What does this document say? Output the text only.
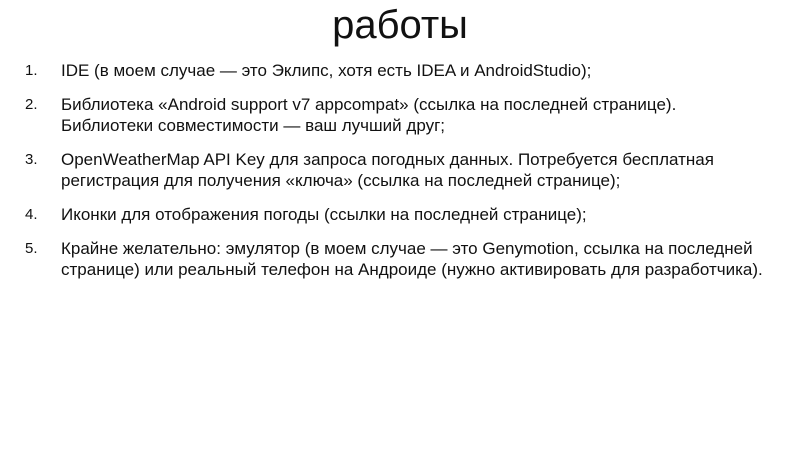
работы
1. IDE (в моем случае — это Эклипс, хотя есть IDEA и AndroidStudio);
2. Библиотека «Android support v7 appcompat» (ссылка на последней странице). Библиотеки совместимости — ваш лучший друг;
3. OpenWeatherMap API Key для запроса погодных данных. Потребуется бесплатная регистрация для получения «ключа» (ссылка на последней странице);
4. Иконки для отображения погоды (ссылки на последней странице);
5. Крайне желательно: эмулятор (в моем случае — это Genymotion, ссылка на последней странице) или реальный телефон на Андроиде (нужно активировать для разработчика).
